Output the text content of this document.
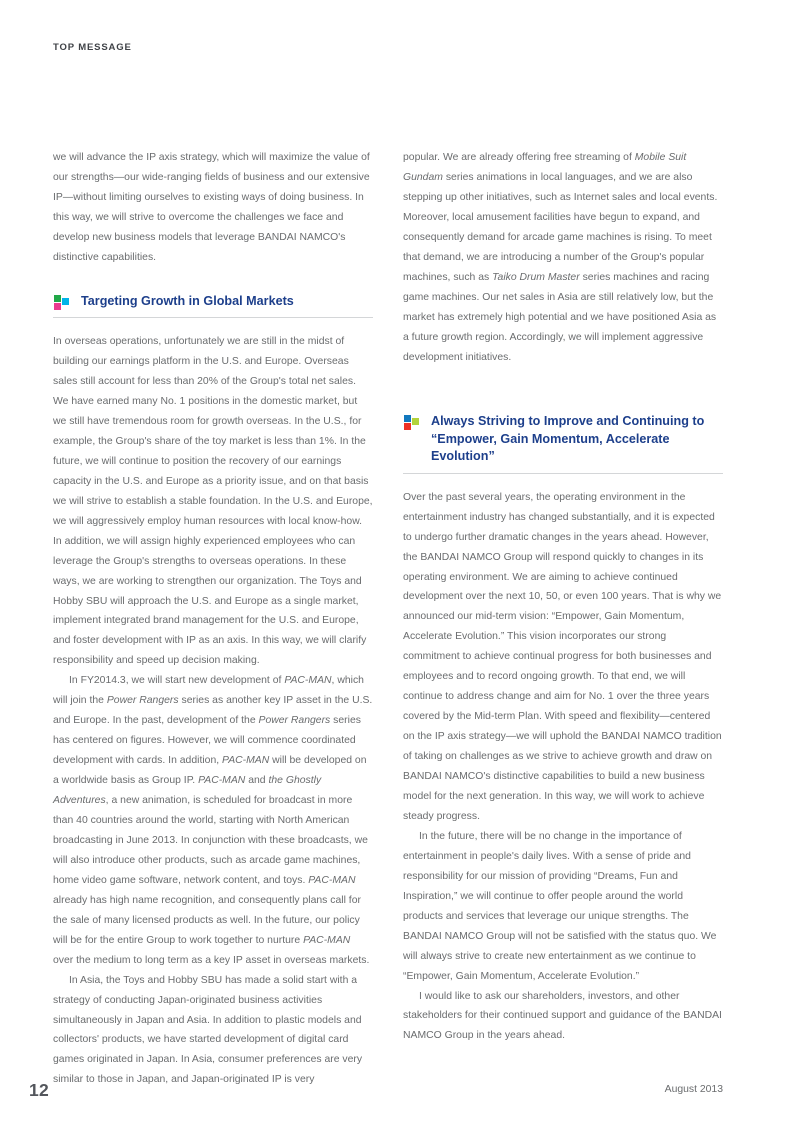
TOP MESSAGE

we will advance the IP axis strategy, which will maximize the value of our strengths—our wide-ranging fields of business and our extensive IP—without limiting ourselves to existing ways of doing business. In this way, we will strive to overcome the challenges we face and develop new business models that leverage BANDAI NAMCO's distinctive capabilities.

Targeting Growth in Global Markets

In overseas operations, unfortunately we are still in the midst of building our earnings platform in the U.S. and Europe. Overseas sales still account for less than 20% of the Group's total net sales. We have earned many No. 1 positions in the domestic market, but we still have tremendous room for growth overseas. In the U.S., for example, the Group's share of the toy market is less than 1%. In the future, we will continue to position the recovery of our earnings capacity in the U.S. and Europe as a priority issue, and on that basis we will strive to establish a stable foundation. In the U.S. and Europe, we will aggressively employ human resources with local know-how. In addition, we will assign highly experienced employees who can leverage the Group's strengths to overseas operations. In these ways, we are working to strengthen our organization. The Toys and Hobby SBU will approach the U.S. and Europe as a single market, implement integrated brand management for the U.S. and Europe, and foster development with IP as an axis. In this way, we will clarify responsibility and speed up decision making.

In FY2014.3, we will start new development of PAC-MAN, which will join the Power Rangers series as another key IP asset in the U.S. and Europe. In the past, development of the Power Rangers series has centered on figures. However, we will commence coordinated development with cards. In addition, PAC-MAN will be developed on a worldwide basis as Group IP. PAC-MAN and the Ghostly Adventures, a new animation, is scheduled for broadcast in more than 40 countries around the world, starting with North American broadcasting in June 2013. In conjunction with these broadcasts, we will also introduce other products, such as arcade game machines, home video game software, network content, and toys. PAC-MAN already has high name recognition, and consequently plans call for the sale of many licensed products as well. In the future, our policy will be for the entire Group to work together to nurture PAC-MAN over the medium to long term as a key IP asset in overseas markets.

In Asia, the Toys and Hobby SBU has made a solid start with a strategy of conducting Japan-originated business activities simultaneously in Japan and Asia. In addition to plastic models and collectors' products, we have started development of digital card games originated in Japan. In Asia, consumer preferences are very similar to those in Japan, and Japan-originated IP is very

popular. We are already offering free streaming of Mobile Suit Gundam series animations in local languages, and we are also stepping up other initiatives, such as Internet sales and local events. Moreover, local amusement facilities have begun to expand, and consequently demand for arcade game machines is rising. To meet that demand, we are introducing a number of the Group's popular machines, such as Taiko Drum Master series machines and racing game machines. Our net sales in Asia are still relatively low, but the market has extremely high potential and we have positioned Asia as a future growth region. Accordingly, we will implement aggressive development initiatives.

Always Striving to Improve and Continuing to “Empower, Gain Momentum, Accelerate Evolution”

Over the past several years, the operating environment in the entertainment industry has changed substantially, and it is expected to undergo further dramatic changes in the years ahead. However, the BANDAI NAMCO Group will respond quickly to changes in its operating environment. We are aiming to achieve continued development over the next 10, 50, or even 100 years. That is why we announced our mid-term vision: “Empower, Gain Momentum, Accelerate Evolution.” This vision incorporates our strong commitment to achieve continual progress for both businesses and employees and to record ongoing growth. To that end, we will continue to address change and aim for No. 1 over the three years covered by the Mid-term Plan. With speed and flexibility—centered on the IP axis strategy—we will uphold the BANDAI NAMCO tradition of taking on challenges as we strive to achieve growth and draw on BANDAI NAMCO's distinctive capabilities to build a new business model for the next generation. In this way, we will work to achieve steady progress.

In the future, there will be no change in the importance of entertainment in people's daily lives. With a sense of pride and responsibility for our mission of providing “Dreams, Fun and Inspiration,” we will continue to offer people around the world products and services that leverage our unique strengths. The BANDAI NAMCO Group will not be satisfied with the status quo. We will always strive to create new entertainment as we continue to “Empower, Gain Momentum, Accelerate Evolution.”

I would like to ask our shareholders, investors, and other stakeholders for their continued support and guidance of the BANDAI NAMCO Group in the years ahead.

August 2013
12
